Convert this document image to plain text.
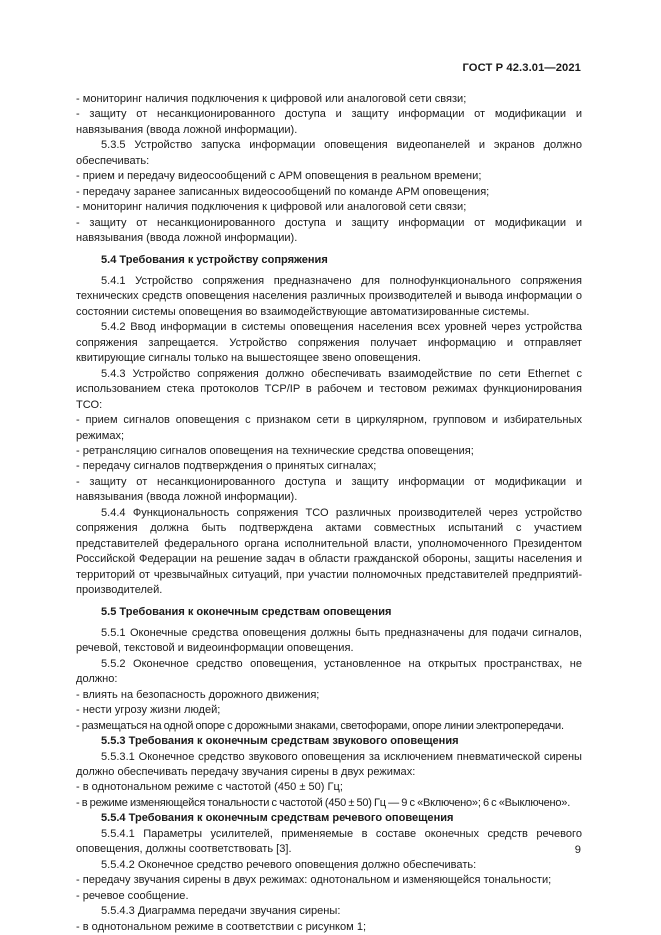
ГОСТ Р 42.3.01—2021

- мониторинг наличия подключения к цифровой или аналоговой сети связи;

- защиту от несанкционированного доступа и защиту информации от модификации и навязывания (ввода ложной информации).

5.3.5 Устройство запуска информации оповещения видеопанелей и экранов должно обеспечивать:

- прием и передачу видеосообщений с АРМ оповещения в реальном времени;

- передачу заранее записанных видеосообщений по команде АРМ оповещения;

- мониторинг наличия подключения к цифровой или аналоговой сети связи;

- защиту от несанкционированного доступа и защиту информации от модификации и навязывания (ввода ложной информации).

5.4 Требования к устройству сопряжения

5.4.1 Устройство сопряжения предназначено для полнофункционального сопряжения технических средств оповещения населения различных производителей и вывода информации о состоянии системы оповещения во взаимодействующие автоматизированные системы.

5.4.2 Ввод информации в системы оповещения населения всех уровней через устройства сопряжения запрещается. Устройство сопряжения получает информацию и отправляет квитирующие сигналы только на вышестоящее звено оповещения.

5.4.3 Устройство сопряжения должно обеспечивать взаимодействие по сети Ethernet с использованием стека протоколов TCP/IP в рабочем и тестовом режимах функционирования ТСО:

- прием сигналов оповещения с признаком сети в циркулярном, групповом и избирательных режимах;

- ретрансляцию сигналов оповещения на технические средства оповещения;

- передачу сигналов подтверждения о принятых сигналах;

- защиту от несанкционированного доступа и защиту информации от модификации и навязывания (ввода ложной информации).

5.4.4 Функциональность сопряжения ТСО различных производителей через устройство сопряжения должна быть подтверждена актами совместных испытаний с участием представителей федерального органа исполнительной власти, уполномоченного Президентом Российской Федерации на решение задач в области гражданской обороны, защиты населения и территорий от чрезвычайных ситуаций, при участии полномочных представителей предприятий-производителей.

5.5 Требования к оконечным средствам оповещения

5.5.1 Оконечные средства оповещения должны быть предназначены для подачи сигналов, речевой, текстовой и видеоинформации оповещения.

5.5.2 Оконечное средство оповещения, установленное на открытых пространствах, не должно:

- влиять на безопасность дорожного движения;

- нести угрозу жизни людей;

- размещаться на одной опоре с дорожными знаками, светофорами, опоре линии электропередачи.

5.5.3 Требования к оконечным средствам звукового оповещения

5.5.3.1 Оконечное средство звукового оповещения за исключением пневматической сирены должно обеспечивать передачу звучания сирены в двух режимах:

- в однотональном режиме с частотой (450 ± 50) Гц;

- в режиме изменяющейся тональности с частотой (450 ± 50) Гц — 9 с «Включено»; 6 с «Выключено».

5.5.4 Требования к оконечным средствам речевого оповещения

5.5.4.1 Параметры усилителей, применяемые в составе оконечных средств речевого оповещения, должны соответствовать [3].

5.5.4.2 Оконечное средство речевого оповещения должно обеспечивать:

- передачу звучания сирены в двух режимах: однотональном и изменяющейся тональности;

- речевое сообщение.

5.5.4.3 Диаграмма передачи звучания сирены:

- в однотональном режиме в соответствии с рисунком 1;

9
